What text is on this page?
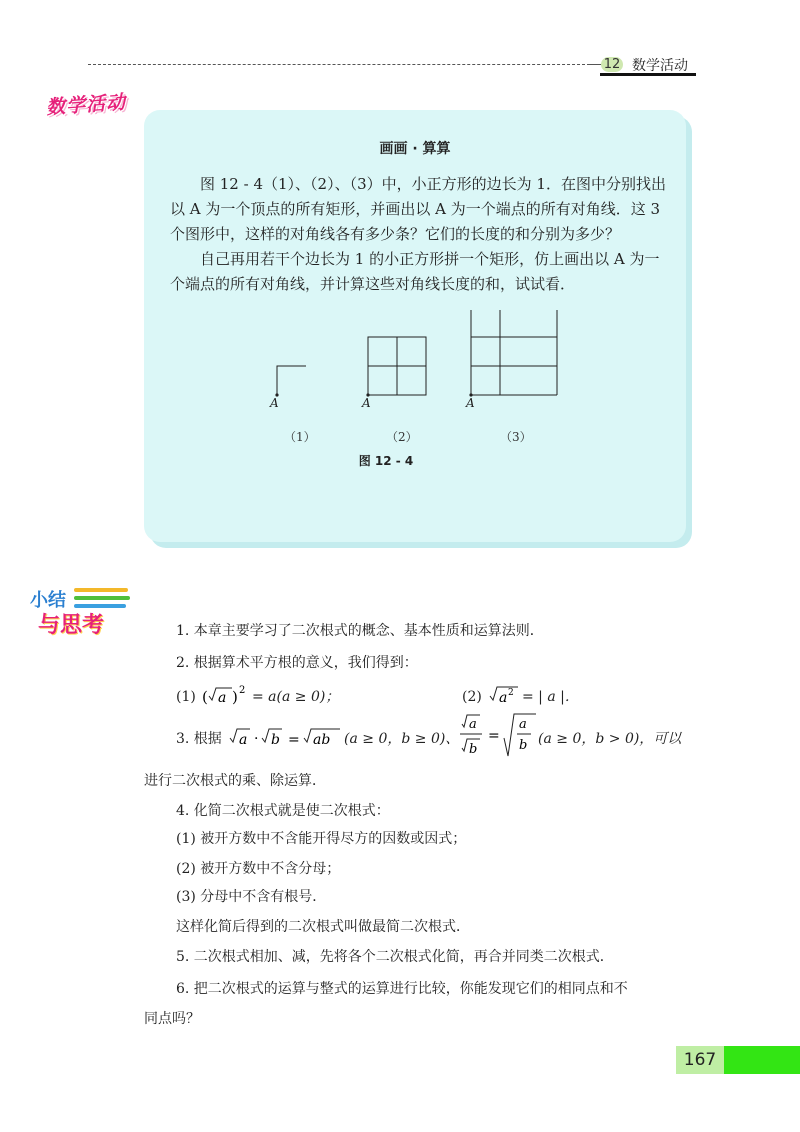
12 数学活动
数学活动
画画 · 算算
图 12 - 4（1）、（2）、（3）中，小正方形的边长为 1．在图中分别找出以 A 为一个顶点的所有矩形，并画出以 A 为一个端点的所有对角线．这 3 个图形中，这样的对角线各有多少条？它们的长度的和分别为多少？
自己再用若干个边长为 1 的小正方形拼一个矩形，仿上画出以 A 为一个端点的所有对角线，并计算这些对角线长度的和，试试看．
A	A	A
（1）	（2）	（3）
图 12 - 4
小结
与思考	1. 本章主要学习了二次根式的概念、基本性质和运算法则．
2. 根据算术平方根的意义，我们得到：
(1) ( a ) 2 = a(a ≥ 0)；	(2) a 2 = | a |．
3. 根据 a · b = ab (a ≥ 0，b ≥ 0)、
a
b
=
a
b (a ≥ 0，b > 0)，可以
进行二次根式的乘、除运算．
4. 化简二次根式就是使二次根式：
(1) 被开方数中不含能开得尽方的因数或因式；
(2) 被开方数中不含分母；
(3) 分母中不含有根号．
这样化简后得到的二次根式叫做最简二次根式．
5. 二次根式相加、减，先将各个二次根式化简，再合并同类二次根式．
6. 把二次根式的运算与整式的运算进行比较，你能发现它们的相同点和不
同点吗？
167
